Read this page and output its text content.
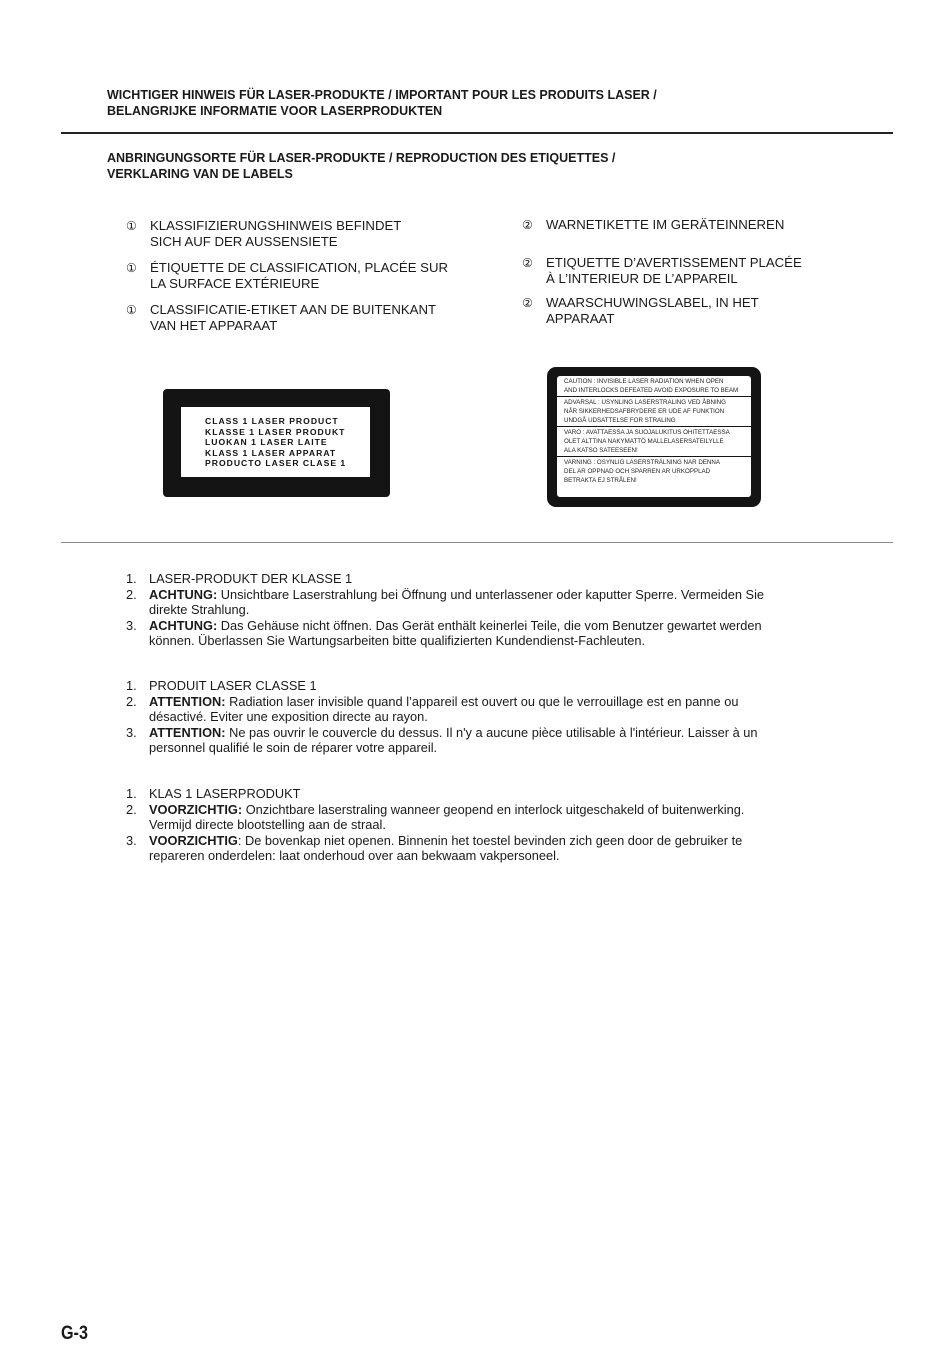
WICHTIGER HINWEIS FÜR LASER-PRODUKTE / IMPORTANT POUR LES PRODUITS LASER /
BELANGRIJKE INFORMATIE VOOR LASERPRODUKTEN
ANBRINGUNGSORTE FÜR LASER-PRODUKTE / REPRODUCTION DES ETIQUETTES /
VERKLARING VAN DE LABELS
① KLASSIFIZIERUNGSHINWEIS BEFINDET
SICH AUF DER AUSSENSIETE
① ÉTIQUETTE DE CLASSIFICATION, PLACÉE SUR
LA SURFACE EXTÉRIEURE
① CLASSIFICATIE-ETIKET AAN DE BUITENKANT
VAN HET APPARAAT
② WARNETIKETTE IM GERÄTEINNEREN
② ETIQUETTE D’AVERTISSEMENT PLACÉE
À L’INTERIEUR DE L’APPAREIL
② WAARSCHUWINGSLABEL, IN HET
APPARAAT
CLASS 1 LASER PRODUCT
KLASSE 1 LASER PRODUKT
LUOKAN 1 LASER LAITE
KLASS 1 LASER APPARAT
PRODUCTO LASER CLASE 1
CAUTION : INVISIBLE LASER RADIATION WHEN OPEN
AND INTERLOCKS DEFEATED AVOID EXPOSURE TO BEAM
ADVARSAL : USYNLING LASERSTRALING VED ÅBNING
NÅR SIKKERHEDSAFBRYDERE ER UDE AF FUNKTION
UNDGÅ UDSATTELSE FOR STRALING
VARO : AVATTAESSA JA SUOJALUKITUS OHITETTAESSA
OLET ALTTINA NAKYMATTÖ MALLELASERSATEILYLLE
ALA KATSO SATEESEEN!
VARNING : OSYNLIG LASERSTRÄLNING NAR DENNA
DEL AR OPPNAD OCH SPARREN AR URKOPPLAD
BETRAKTA EJ STRÅLEN!
1. LASER-PRODUKT DER KLASSE 1
2. ACHTUNG: Unsichtbare Laserstrahlung bei Öffnung und unterlassener oder kaputter Sperre. Vermeiden Sie direkte Strahlung.
3. ACHTUNG: Das Gehäuse nicht öffnen. Das Gerät enthält keinerlei Teile, die vom Benutzer gewartet werden können. Überlassen Sie Wartungsarbeiten bitte qualifizierten Kundendienst-Fachleuten.
1. PRODUIT LASER CLASSE 1
2. ATTENTION: Radiation laser invisible quand l’appareil est ouvert ou que le verrouillage est en panne ou désactivé. Eviter une exposition directe au rayon.
3. ATTENTION: Ne pas ouvrir le couvercle du dessus. Il n'y a aucune pièce utilisable à l'intérieur. Laisser à un personnel qualifié le soin de réparer votre appareil.
1. KLAS 1 LASERPRODUKT
2. VOORZICHTIG: Onzichtbare laserstraling wanneer geopend en interlock uitgeschakeld of buitenwerking. Vermijd directe blootstelling aan de straal.
3. VOORZICHTIG: De bovenkap niet openen. Binnenin het toestel bevinden zich geen door de gebruiker te repareren onderdelen: laat onderhoud over aan bekwaam vakpersoneel.
G-3
